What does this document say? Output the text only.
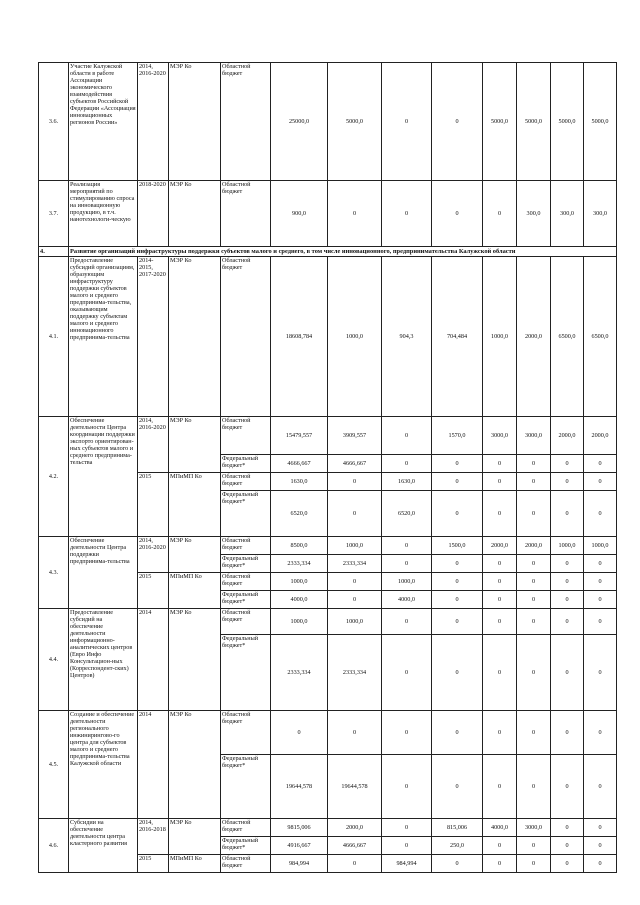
3.6.	Участие Калужской области в работе Ассоциации экономического взаимодействия субъектов Российской Федерации «Ассоциация инновационных регионов России»	2014, 2016-2020	МЭР Ко	Областной бюджет	25000,0	5000,0	0	0	5000,0	5000,0	5000,0	5000,0
3.7.	Реализация мероприятий по стимулированию спроса на инновационную продукцию, в т.ч. нанотехнологи-ческую	2018-2020	МЭР Ко	Областной бюджет	900,0	0	0	0	0	300,0	300,0	300,0
4.	Развитие организаций инфраструктуры поддержки субъектов малого и среднего, в том числе инновационного, предпринимательства Калужской области											
4.1.	Предоставление субсидий организациям, образующим инфраструктуру поддержки субъектов малого и среднего предпринима-тельства, оказывающим поддержку субъектам малого и среднего инновационного предпринима-тельства	2014-2015, 2017-2020	МЭР Ко	Областной бюджет	18608,784	1000,0	904,3	704,484	1000,0	2000,0	6500,0	6500,0
4.2.	Обеспечение деятельности Центра координации поддержки экспорто ориентирован-ных субъектов малого и среднего предпринима-тельства	2014, 2016-2020	МЭР Ко	Областной бюджет	15479,557	3909,557	0	1570,0	3000,0	3000,0	2000,0	2000,0
				Федеральный бюджет*	4666,667	4666,667	0	0	0	0	0	0
		2015	МПиМП Ко	Областной бюджет	1630,0	0	1630,0	0	0	0	0	0
				Федеральный бюджет*	6520,0	0	6520,0	0	0	0	0	0
4.3.	Обеспечение деятельности Центра поддержки предпринима-тельства	2014, 2016-2020	МЭР Ко	Областной бюджет	8500,0	1000,0	0	1500,0	2000,0	2000,0	1000,0	1000,0
				Федеральный бюджет*	2333,334	2333,334	0	0	0	0	0	0
		2015	МПиМП Ко	Областной бюджет	1000,0	0	1000,0	0	0	0	0	0
				Федеральный бюджет*	4000,0	0	4000,0	0	0	0	0	0
4.4.	Предоставление субсидий на обеспечение деятельности информационно-аналитических центров (Евро Инфо Консультацион-ных (Корреспондент-ских) Центров)	2014	МЭР Ко	Областной бюджет	1000,0	1000,0	0	0	0	0	0	0
				Федеральный бюджет*	2333,334	2333,334	0	0	0	0	0	0
4.5.	Создание и обеспечение деятельности регионального инжинирингово-го центра для субъектов малого и среднего предпринима-тельства Калужской области	2014	МЭР Ко	Областной бюджет	0	0	0	0	0	0	0	0
				Федеральный бюджет*	19644,578	19644,578	0	0	0	0	0	0
4.6.	Субсидии на обеспечение деятельности центра кластерного развития	2014, 2016-2018	МЭР Ко	Областной бюджет	9815,006	2000,0	0	815,006	4000,0	3000,0	0	0
				Федеральный бюджет*	4916,667	4666,667	0	250,0	0	0	0	0
		2015	МПиМП Ко	Областной бюджет	984,994	0	984,994	0	0	0	0	0
